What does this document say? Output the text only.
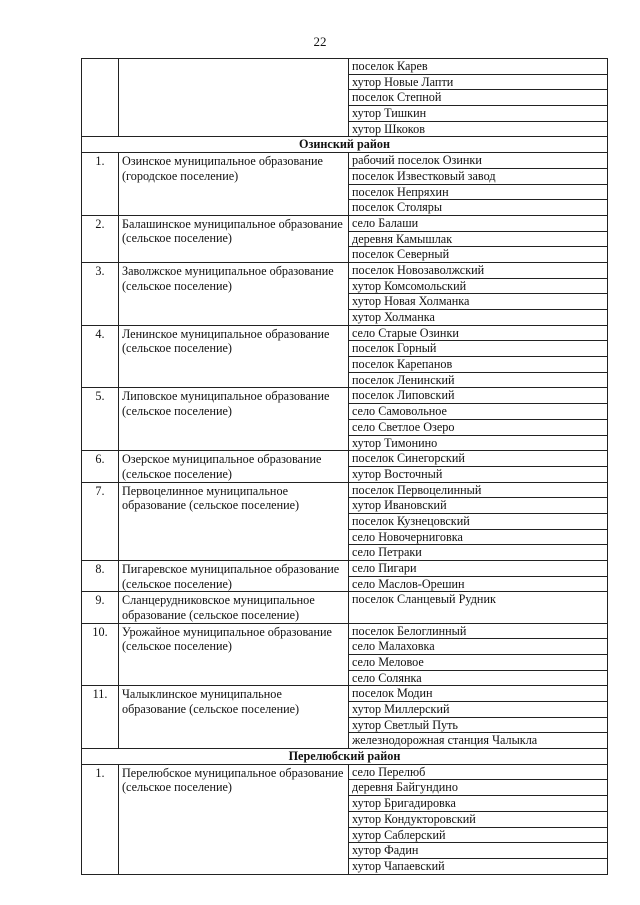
22
		поселок Карев
		хутор Новые Лапти
		поселок Степной
		хутор Тишкин
		хутор Шкоков
Озинский район		
1.	Озинское муниципальное образование (городское поселение)	рабочий поселок Озинки
		поселок Известковый завод
		поселок Непряхин
		поселок Столяры
2.	Балашинское муниципальное образование (сельское поселение)	село Балаши
		деревня Камышлак
		поселок Северный
3.	Заволжское муниципальное образование (сельское поселение)	поселок Новозаволжский
		хутор Комсомольский
		хутор Новая Холманка
		хутор Холманка
4.	Ленинское муниципальное образование (сельское поселение)	село Старые Озинки
		поселок Горный
		поселок Карепанов
		поселок Ленинский
5.	Липовское муниципальное образование (сельское поселение)	поселок Липовский
		село Самовольное
		село Светлое Озеро
		хутор Тимонино
6.	Озерское муниципальное образование (сельское поселение)	поселок Синегорский
		хутор Восточный
7.	Первоцелинное муниципальное образование (сельское поселение)	поселок Первоцелинный
		хутор Ивановский
		поселок Кузнецовский
		село Новочерниговка
		село Петраки
8.	Пигаревское муниципальное образование (сельское поселение)	село Пигари
		село Маслов-Орешин
9.	Сланцерудниковское муниципальное образование (сельское поселение)	поселок Сланцевый Рудник
10.	Урожайное муниципальное образование (сельское поселение)	поселок Белоглинный
		село Малаховка
		село Меловое
		село Солянка
11.	Чалыклинское муниципальное образование (сельское поселение)	поселок Модин
		хутор Миллерский
		хутор Светлый Путь
		железнодорожная станция Чалыкла
Перелюбский район		
1.	Перелюбское муниципальное образование (сельское поселение)	село Перелюб
		деревня Байгундино
		хутор Бригадировка
		хутор Кондукторовский
		хутор Саблерский
		хутор Фадин
		хутор Чапаевский
